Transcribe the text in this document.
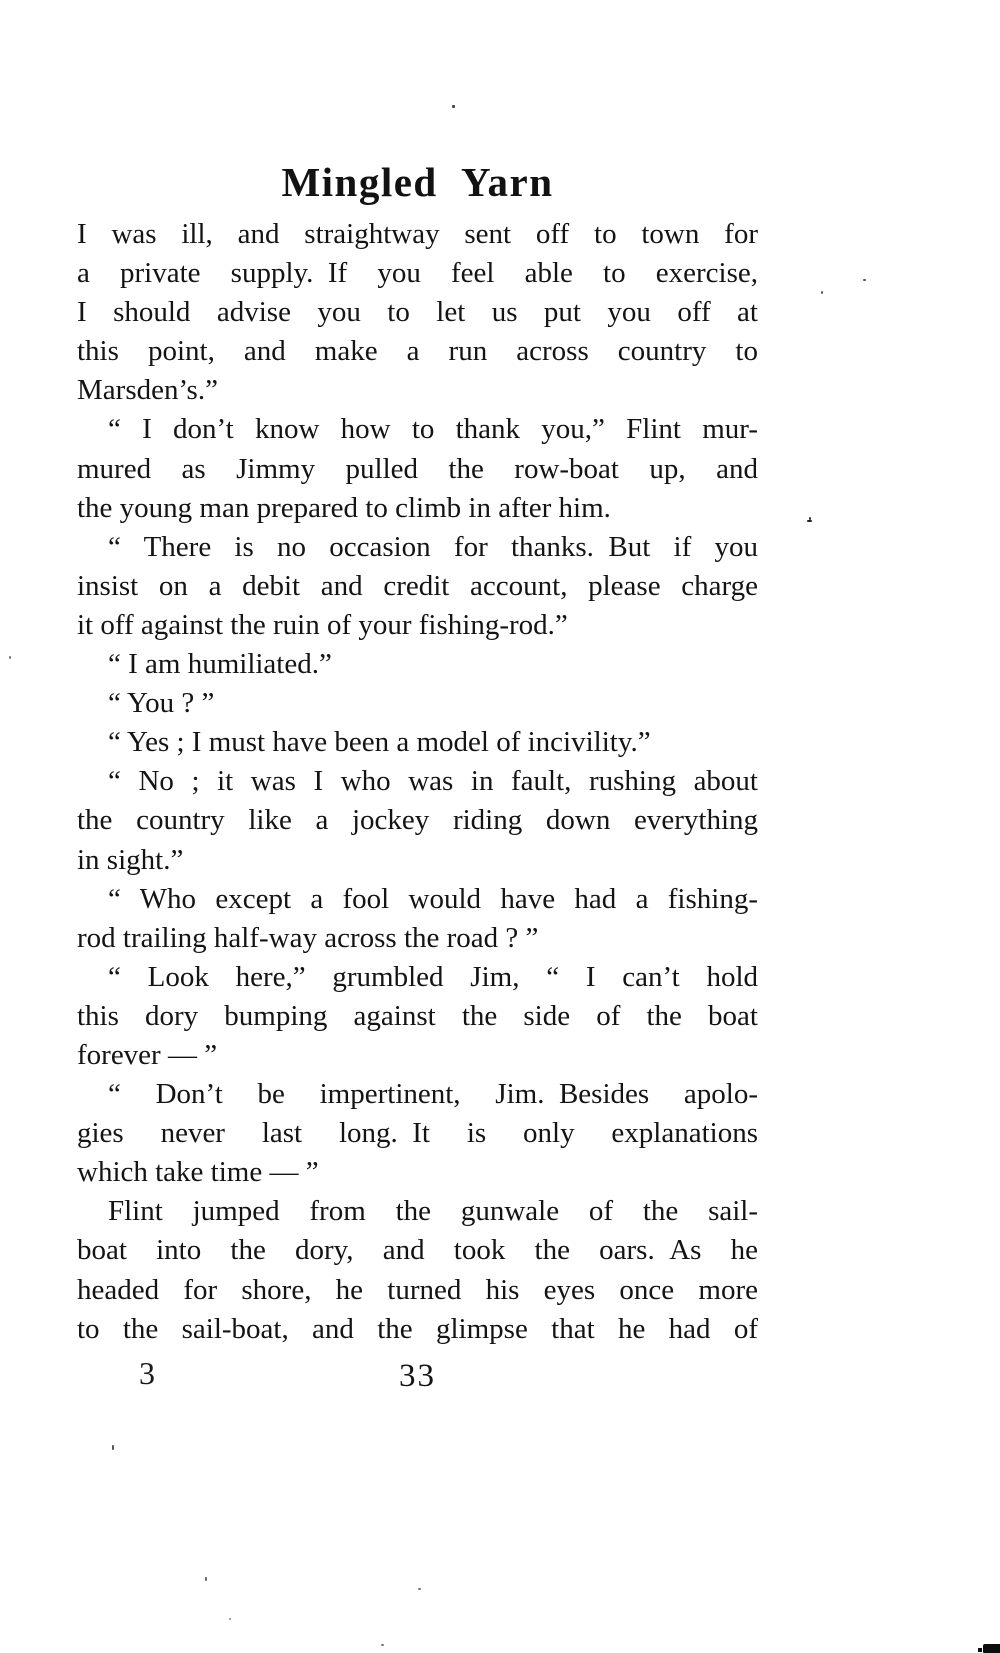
Mingled Yarn
I was ill, and straightway sent off to town for
a private supply. If you feel able to exercise,
I should advise you to let us put you off at
this point, and make a run across country to
Marsden’s.”
“ I don’t know how to thank you,” Flint mur-
mured as Jimmy pulled the row-boat up, and
the young man prepared to climb in after him.
“ There is no occasion for thanks. But if you
insist on a debit and credit account, please charge
it off against the ruin of your fishing-rod.”
“ I am humiliated.”
“ You ? ”
“ Yes ; I must have been a model of incivility.”
“ No ; it was I who was in fault, rushing about
the country like a jockey riding down everything
in sight.”
“ Who except a fool would have had a fishing-
rod trailing half-way across the road ? ”
“ Look here,” grumbled Jim, “ I can’t hold
this dory bumping against the side of the boat
forever — ”
“ Don’t be impertinent, Jim. Besides apolo-
gies never last long. It is only explanations
which take time — ”
Flint jumped from the gunwale of the sail-
boat into the dory, and took the oars. As he
headed for shore, he turned his eyes once more
to the sail-boat, and the glimpse that he had of
3	33
